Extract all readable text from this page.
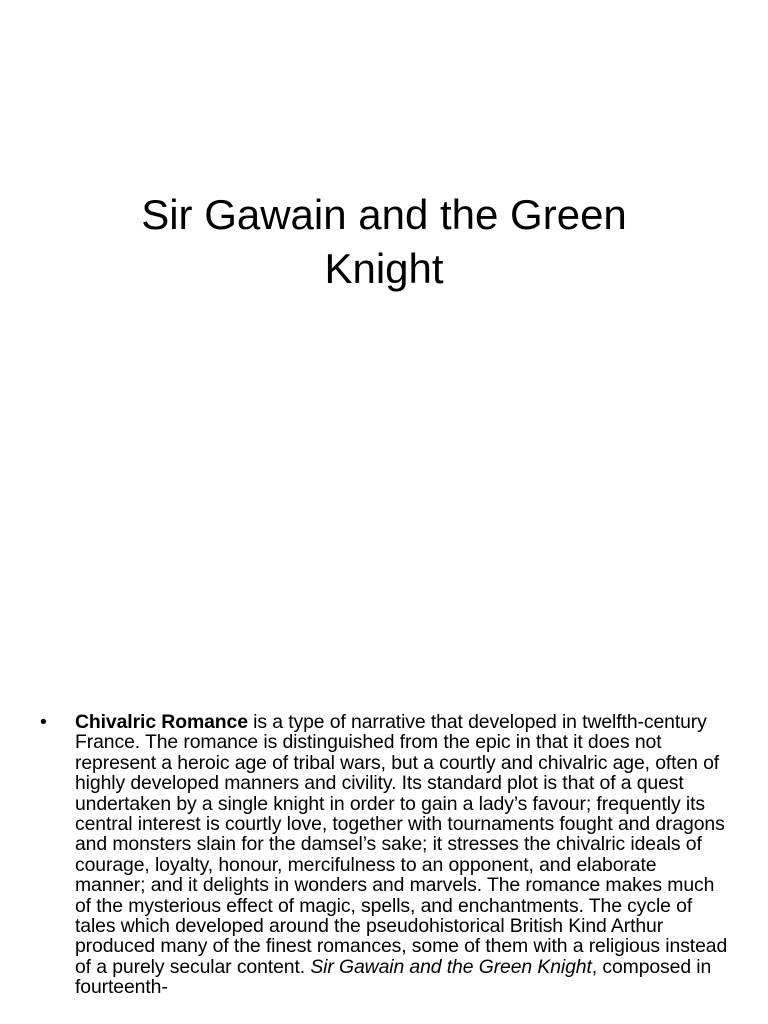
Sir Gawain and the Green
Knight
•	Chivalric Romance is a type of narrative that developed in twelfth-century France. The romance is distinguished from the epic in that it does not represent a heroic age of tribal wars, but a courtly and chivalric age, often of highly developed manners and civility. Its standard plot is that of a quest undertaken by a single knight in order to gain a lady’s favour; frequently its central interest is courtly love, together with tournaments fought and dragons and monsters slain for the damsel’s sake; it stresses the chivalric ideals of courage, loyalty, honour, mercifulness to an opponent, and elaborate manner; and it delights in wonders and marvels. The romance makes much of the mysterious effect of magic, spells, and enchantments. The cycle of tales which developed around the pseudohistorical British Kind Arthur produced many of the finest romances, some of them with a religious instead of a purely secular content. Sir Gawain and the Green Knight, composed in fourteenth-
